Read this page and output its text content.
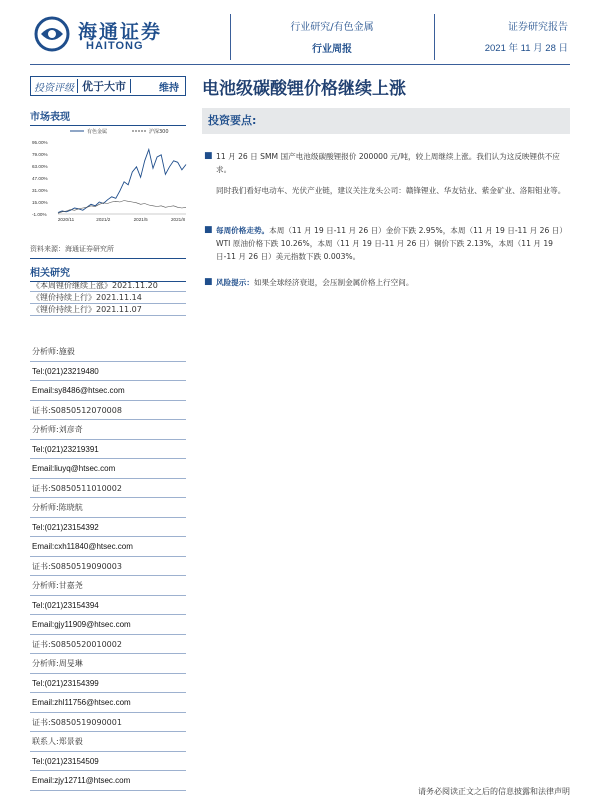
海通证券
HAITONG
行业研究/有色金属
行业周报
证券研究报告
2021 年 11 月 28 日
投资评级 优于大市	维持	电池级碳酸锂价格继续上涨
市场表现
有色金属	沪深300
95.00%
79.00%
63.00%
47.00%
31.00%
15.00%
-1.00%
2020/11	2021/2	2021/5	2021/8
资料来源：海通证券研究所
相关研究
《本周锂价继续上涨》2021.11.20
《锂价持续上行》2021.11.14
《锂价持续上行》2021.11.07
分析师:施毅
Tel:(021)23219480
Email:sy8486@htsec.com
证书:S0850512070008
分析师:刘彦奇
Tel:(021)23219391
Email:liuyq@htsec.com
证书:S0850511010002
分析师:陈晓航
Tel:(021)23154392
Email:cxh11840@htsec.com
证书:S0850519090003
分析师:甘嘉尧
Tel:(021)23154394
Email:gjy11909@htsec.com
证书:S0850520010002
分析师:周旻琳
Tel:(021)23154399
Email:zhl11756@htsec.com
证书:S0850519090001
联系人:郑景毅
Tel:(021)23154509
Email:zjy12711@htsec.com
投资要点:
■ 11 月 26 日 SMM 国产电池级碳酸锂报价 200000 元/吨，较上周继续上涨。我们认为这反映锂供不应求。
同时我们看好电动车、光伏产业链，建议关注龙头公司：赣锋锂业、华友钴业、紫金矿业、洛阳钼业等。
■ 每周价格走势。本周（11 月 19 日-11 月 26 日）金价下跌 2.95%，本周（11 月 19 日-11 月 26 日）WTI 原油价格下跌 10.26%，本周（11 月 19 日-11 月 26 日）铜价下跌 2.13%，本周（11 月 19 日-11 月 26 日）美元指数下跌 0.003%。
■ 风险提示：如果全球经济衰退，会压制金属价格上行空间。
请务必阅读正文之后的信息披露和法律声明
